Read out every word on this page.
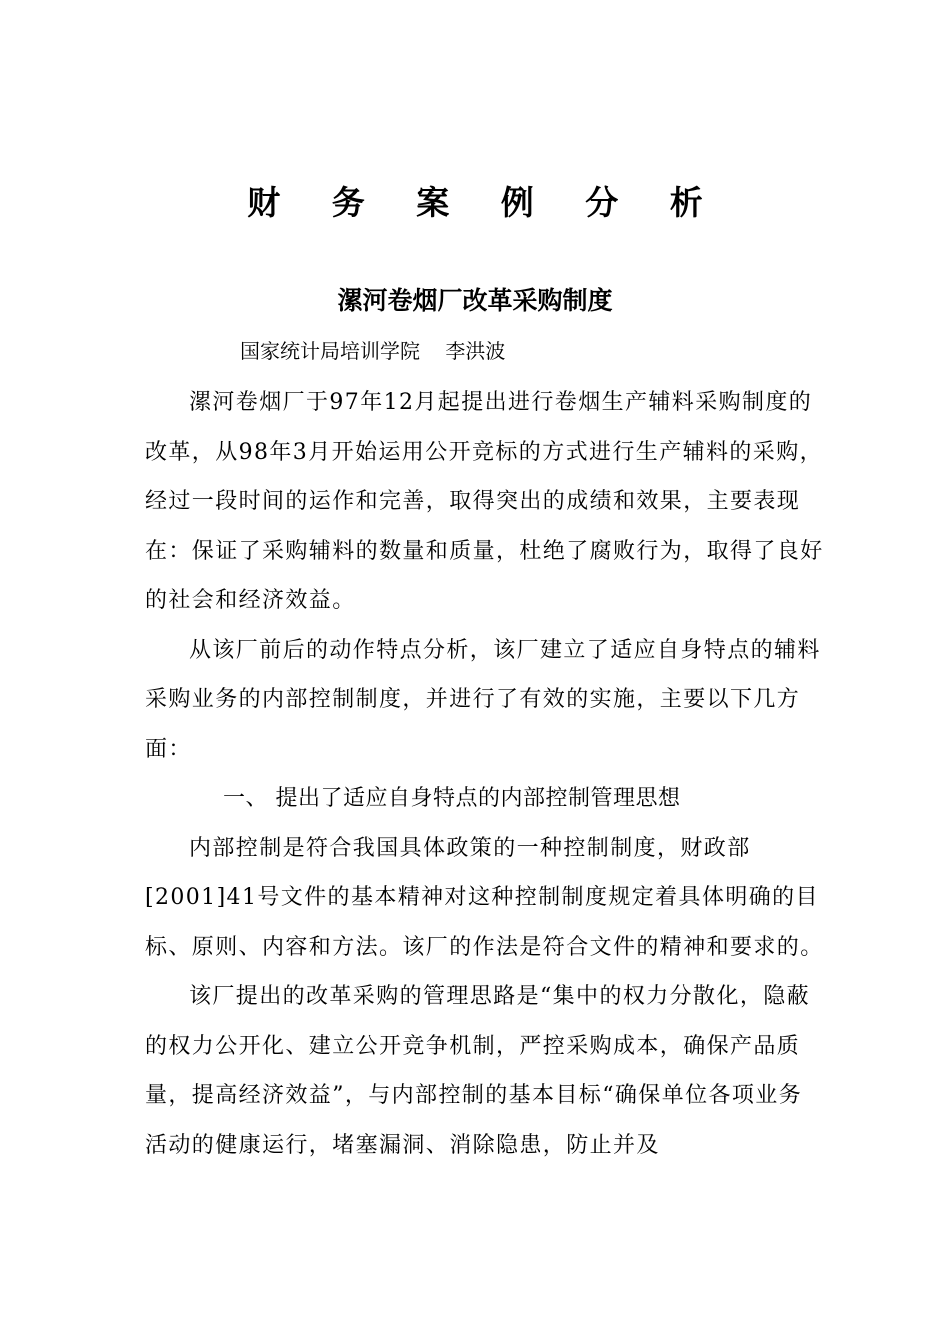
财 务 案 例 分 析
漯河卷烟厂改革采购制度

国家统计局培训学院    李洪波

漯河卷烟厂于97年12月起提出进行卷烟生产辅料采购制度的改革，从98年3月开始运用公开竞标的方式进行生产辅料的采购，经过一段时间的运作和完善，取得突出的成绩和效果，主要表现在：保证了采购辅料的数量和质量，杜绝了腐败行为，取得了良好的社会和经济效益。

从该厂前后的动作特点分析，该厂建立了适应自身特点的辅料采购业务的内部控制制度，并进行了有效的实施，主要以下几方面：

一、 提出了适应自身特点的内部控制管理思想

内部控制是符合我国具体政策的一种控制制度，财政部[2001]41号文件的基本精神对这种控制制度规定着具体明确的目标、原则、内容和方法。该厂的作法是符合文件的精神和要求的。

该厂提出的改革采购的管理思路是“集中的权力分散化，隐蔽的权力公开化、建立公开竞争机制，严控采购成本，确保产品质量，提高经济效益”，与内部控制的基本目标“确保单位各项业务活动的健康运行，堵塞漏洞、消除隐患，防止并及
